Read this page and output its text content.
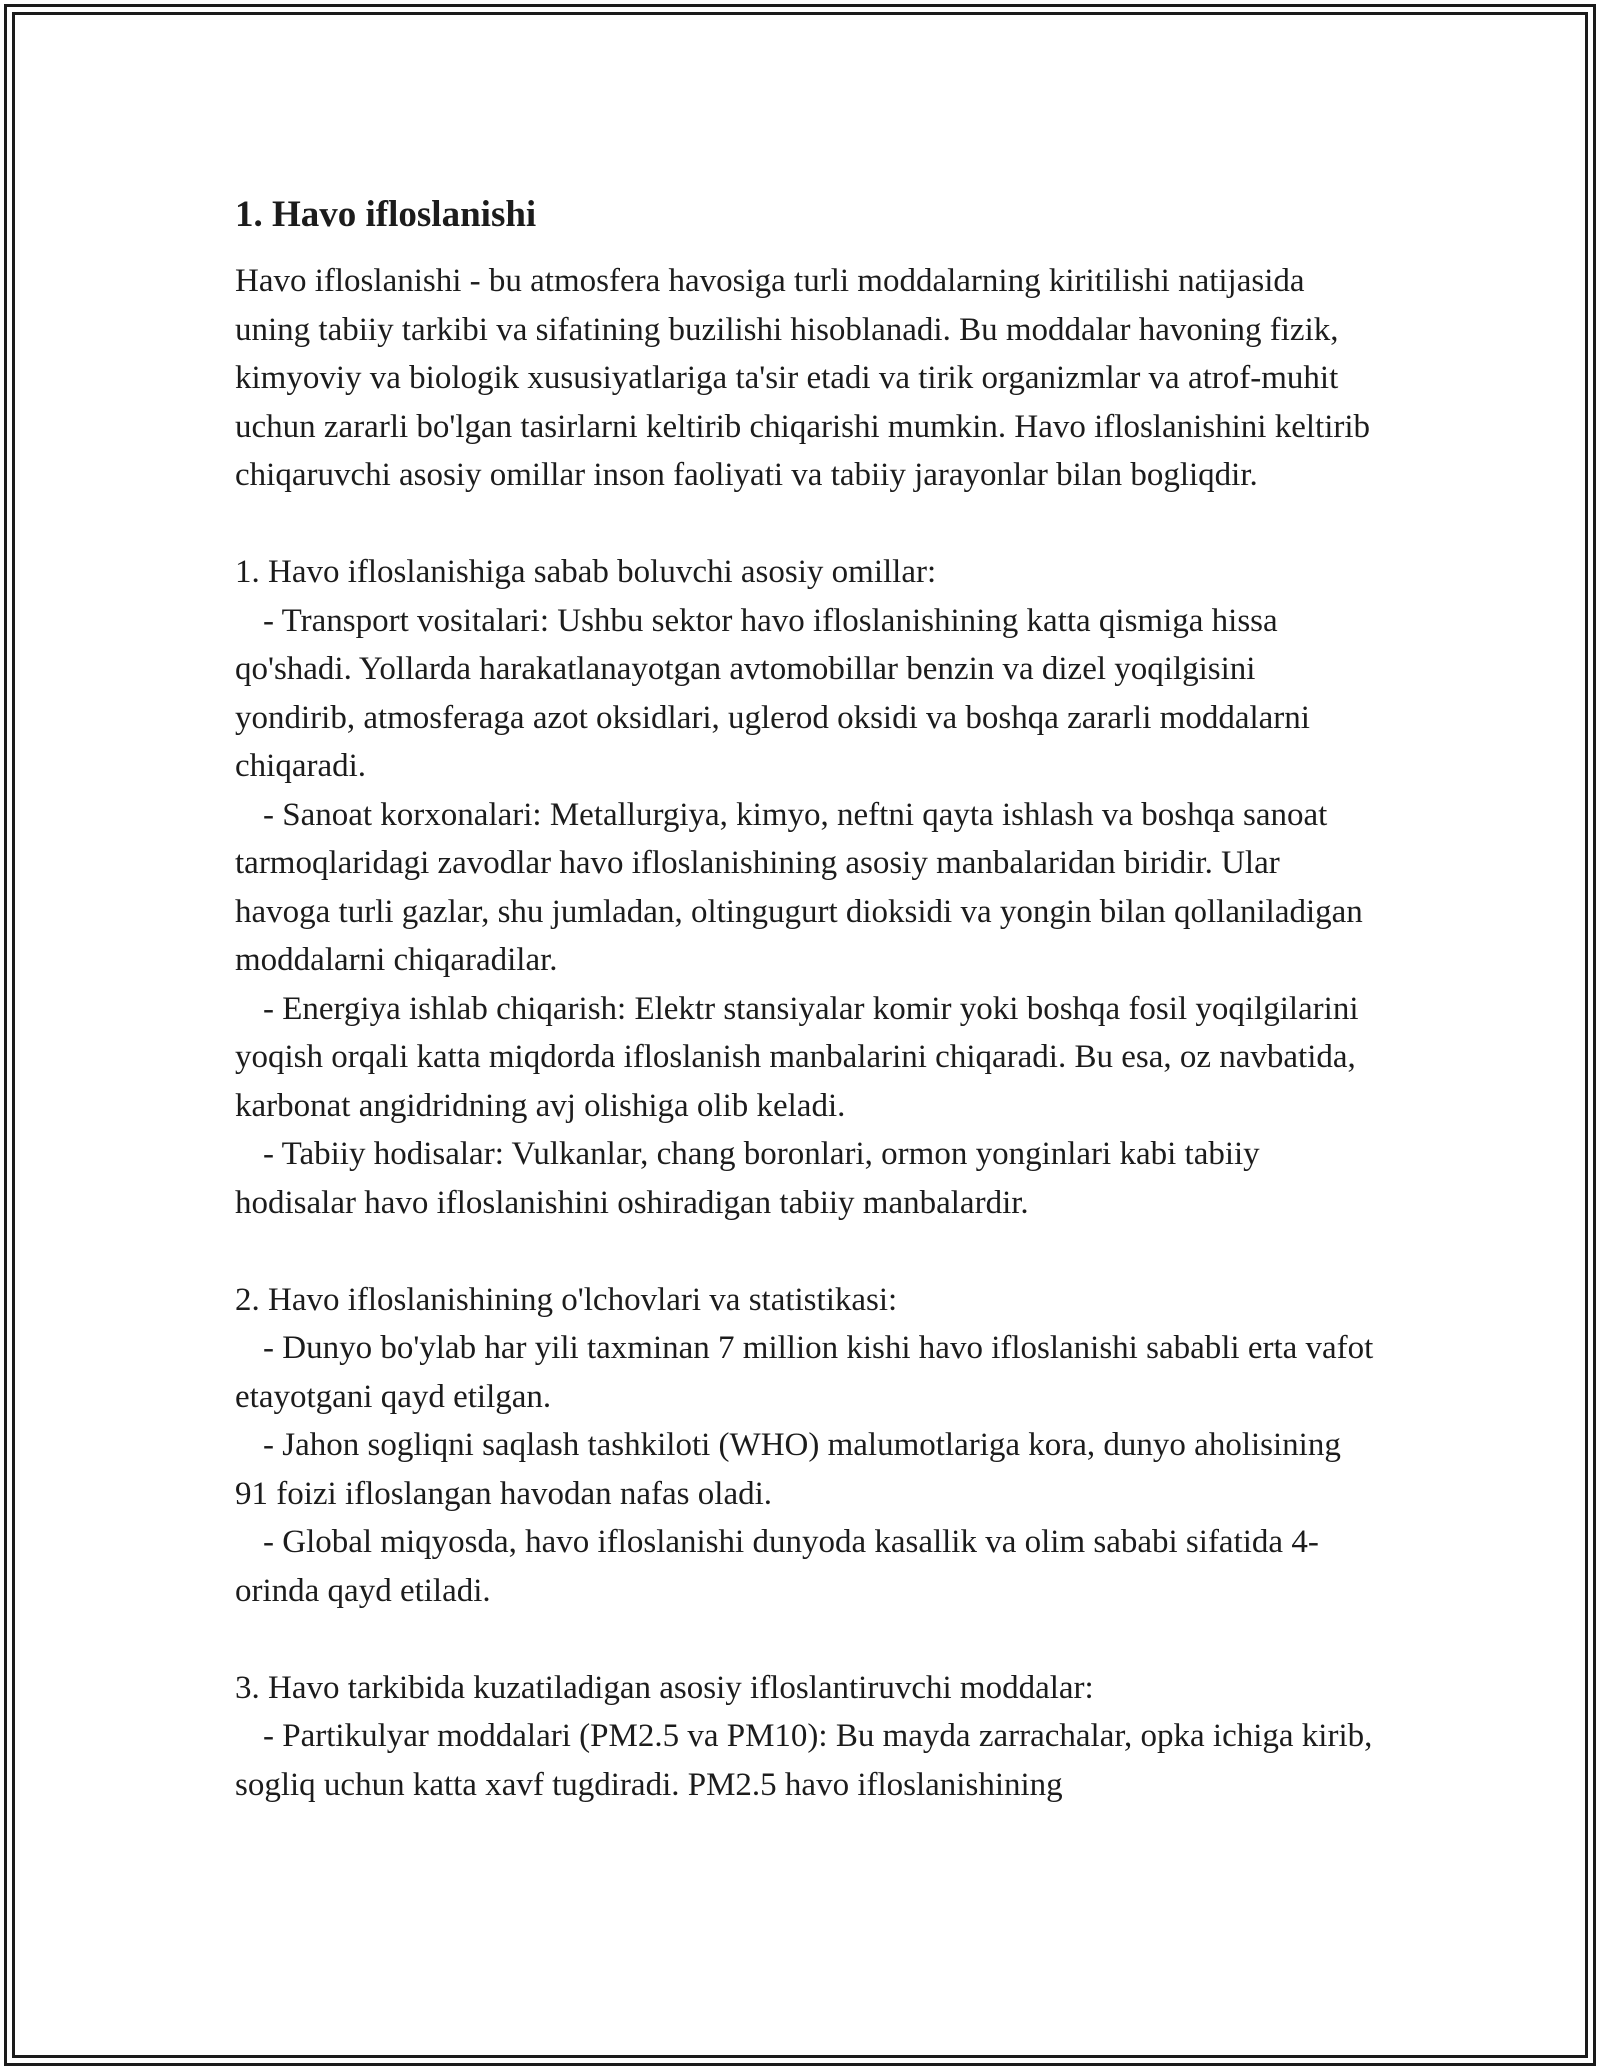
1. Havo ifloslanishi

Havo ifloslanishi - bu atmosfera havosiga turli moddalarning kiritilishi natijasida uning tabiiy tarkibi va sifatining buzilishi hisoblanadi. Bu moddalar havoning fizik, kimyoviy va biologik xususiyatlariga ta'sir etadi va tirik organizmlar va atrof-muhit uchun zararli bo'lgan tasirlarni keltirib chiqarishi mumkin. Havo ifloslanishini keltirib chiqaruvchi asosiy omillar inson faoliyati va tabiiy jarayonlar bilan bogliqdir.

1. Havo ifloslanishiga sabab boluvchi asosiy omillar:

- Transport vositalari: Ushbu sektor havo ifloslanishining katta qismiga hissa qo'shadi. Yollarda harakatlanayotgan avtomobillar benzin va dizel yoqilgisini yondirib, atmosferaga azot oksidlari, uglerod oksidi va boshqa zararli moddalarni chiqaradi.

- Sanoat korxonalari: Metallurgiya, kimyo, neftni qayta ishlash va boshqa sanoat tarmoqlaridagi zavodlar havo ifloslanishining asosiy manbalaridan biridir. Ular havoga turli gazlar, shu jumladan, oltingugurt dioksidi va yongin bilan qollaniladigan moddalarni chiqaradilar.

- Energiya ishlab chiqarish: Elektr stansiyalar komir yoki boshqa fosil yoqilgilarini yoqish orqali katta miqdorda ifloslanish manbalarini chiqaradi. Bu esa, oz navbatida, karbonat angidridning avj olishiga olib keladi.

- Tabiiy hodisalar: Vulkanlar, chang boronlari, ormon yonginlari kabi tabiiy hodisalar havo ifloslanishini oshiradigan tabiiy manbalardir.

2. Havo ifloslanishining o'lchovlari va statistikasi:

- Dunyo bo'ylab har yili taxminan 7 million kishi havo ifloslanishi sababli erta vafot etayotgani qayd etilgan.

- Jahon sogliqni saqlash tashkiloti (WHO) malumotlariga kora, dunyo aholisining 91 foizi ifloslangan havodan nafas oladi.

- Global miqyosda, havo ifloslanishi dunyoda kasallik va olim sababi sifatida 4-orinda qayd etiladi.

3. Havo tarkibida kuzatiladigan asosiy ifloslantiruvchi moddalar:

- Partikulyar moddalari (PM2.5 va PM10): Bu mayda zarrachalar, opka ichiga kirib, sogliq uchun katta xavf tugdiradi. PM2.5 havo ifloslanishining
